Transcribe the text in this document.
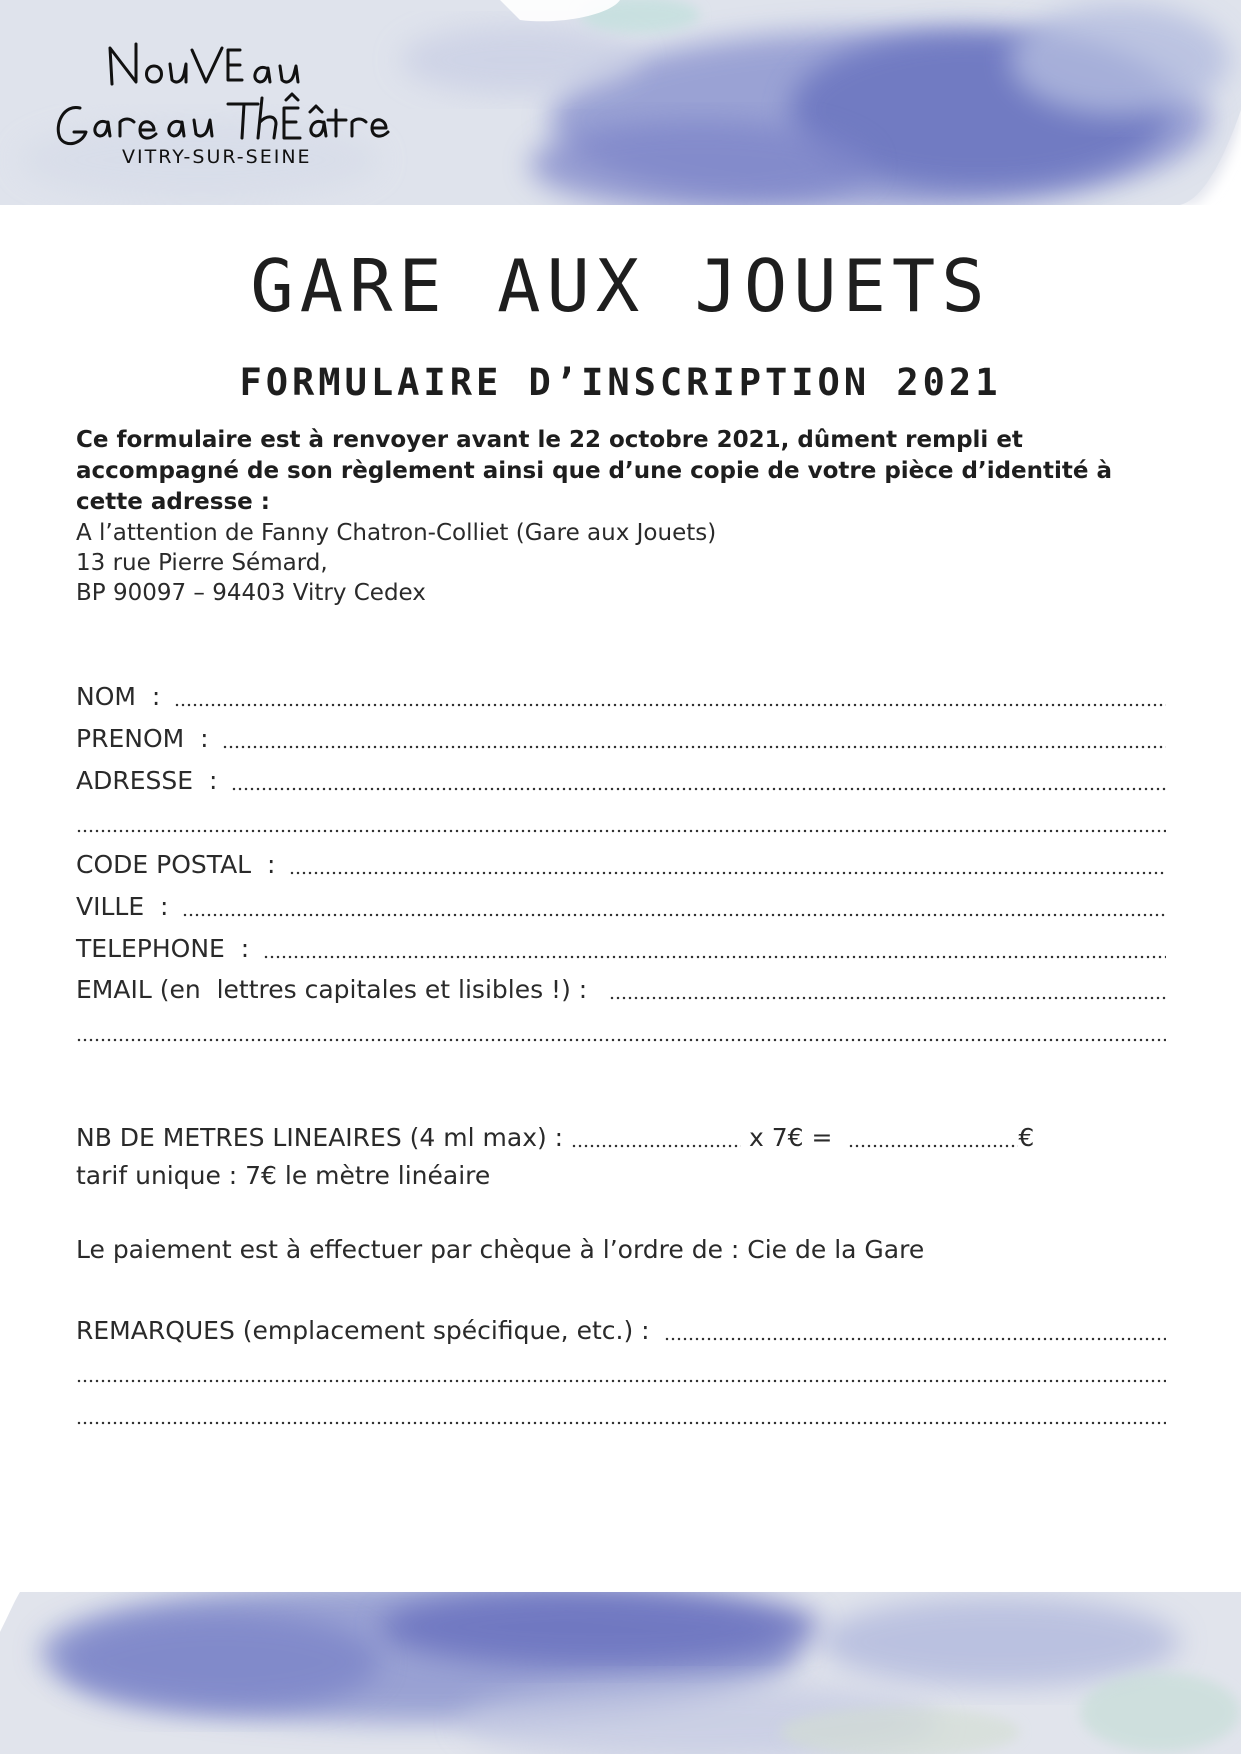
VITRY-SUR-SEINE
GARE AUX JOUETS
FORMULAIRE D’INSCRIPTION 2021

Ce formulaire est à renvoyer avant le 22 octobre 2021, dûment rempli et accompagné de son règlement ainsi que d’une copie de votre pièce d’identité à cette adresse :

A l’attention de Fanny Chatron-Colliet (Gare aux Jouets)
13 rue Pierre Sémard,
BP 90097 – 94403 Vitry Cedex
NOM  :
PRENOM  :
ADRESSE  :
CODE POSTAL  :
VILLE  :
TELEPHONE  :
EMAIL (en  lettres capitales et lisibles !) :
NB DE METRES LINEAIRES (4 ml max) :	x 7€ =	€
tarif unique : 7€ le mètre linéaire
Le paiement est à effectuer par chèque à l’ordre de : Cie de la Gare
REMARQUES (emplacement spécifique, etc.) :
